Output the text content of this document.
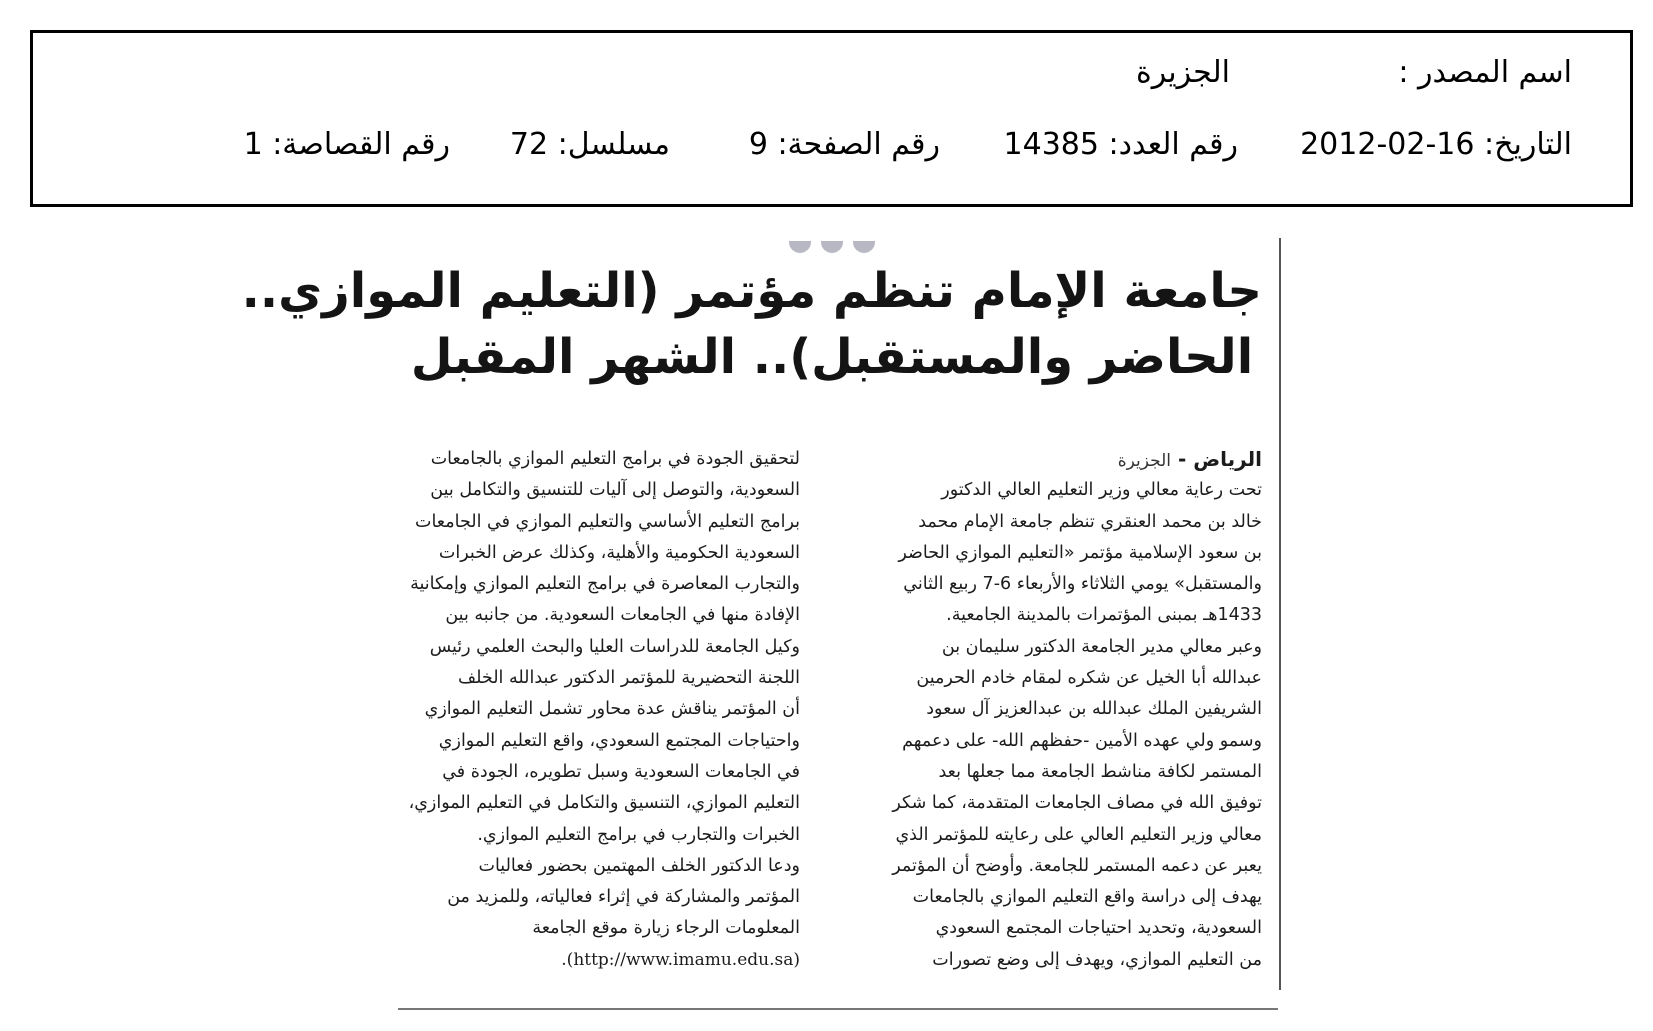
اسم المصدر :
الجزيرة
التاريخ: 16-02-2012
رقم العدد: 14385
رقم الصفحة: 9
مسلسل: 72
رقم القصاصة: 1
جامعة الإمام تنظم مؤتمر (التعليم الموازي..
الحاضر والمستقبل).. الشهر المقبل
الرياض - الجزيرة
تحت رعاية معالي وزير التعليم العالي الدكتور
خالد بن محمد العنقري تنظم جامعة الإمام محمد
بن سعود الإسلامية مؤتمر «التعليم الموازي الحاضر
والمستقبل» يومي الثلاثاء والأربعاء 6-7 ربيع الثاني
1433هـ بمبنى المؤتمرات بالمدينة الجامعية.
وعبر معالي مدير الجامعة الدكتور سليمان بن
عبدالله أبا الخيل عن شكره لمقام خادم الحرمين
الشريفين الملك عبدالله بن عبدالعزيز آل سعود
وسمو ولي عهده الأمين -حفظهم الله- على دعمهم
المستمر لكافة مناشط الجامعة مما جعلها بعد
توفيق الله في مصاف الجامعات المتقدمة، كما شكر
معالي وزير التعليم العالي على رعايته للمؤتمر الذي
يعبر عن دعمه المستمر للجامعة. وأوضح أن المؤتمر
يهدف إلى دراسة واقع التعليم الموازي بالجامعات
السعودية، وتحديد احتياجات المجتمع السعودي
من التعليم الموازي، ويهدف إلى وضع تصورات
لتحقيق الجودة في برامج التعليم الموازي بالجامعات
السعودية، والتوصل إلى آليات للتنسيق والتكامل بين
برامج التعليم الأساسي والتعليم الموازي في الجامعات
السعودية الحكومية والأهلية، وكذلك عرض الخبرات
والتجارب المعاصرة في برامج التعليم الموازي وإمكانية
الإفادة منها في الجامعات السعودية. من جانبه بين
وكيل الجامعة للدراسات العليا والبحث العلمي رئيس
اللجنة التحضيرية للمؤتمر الدكتور عبدالله الخلف
أن المؤتمر يناقش عدة محاور تشمل التعليم الموازي
واحتياجات المجتمع السعودي، واقع التعليم الموازي
في الجامعات السعودية وسبل تطويره، الجودة في
التعليم الموازي، التنسيق والتكامل في التعليم الموازي،
الخبرات والتجارب في برامج التعليم الموازي.
ودعا الدكتور الخلف المهتمين بحضور فعاليات
المؤتمر والمشاركة في إثراء فعالياته، وللمزيد من
المعلومات الرجاء زيارة موقع الجامعة
(http://www.imamu.edu.sa).
